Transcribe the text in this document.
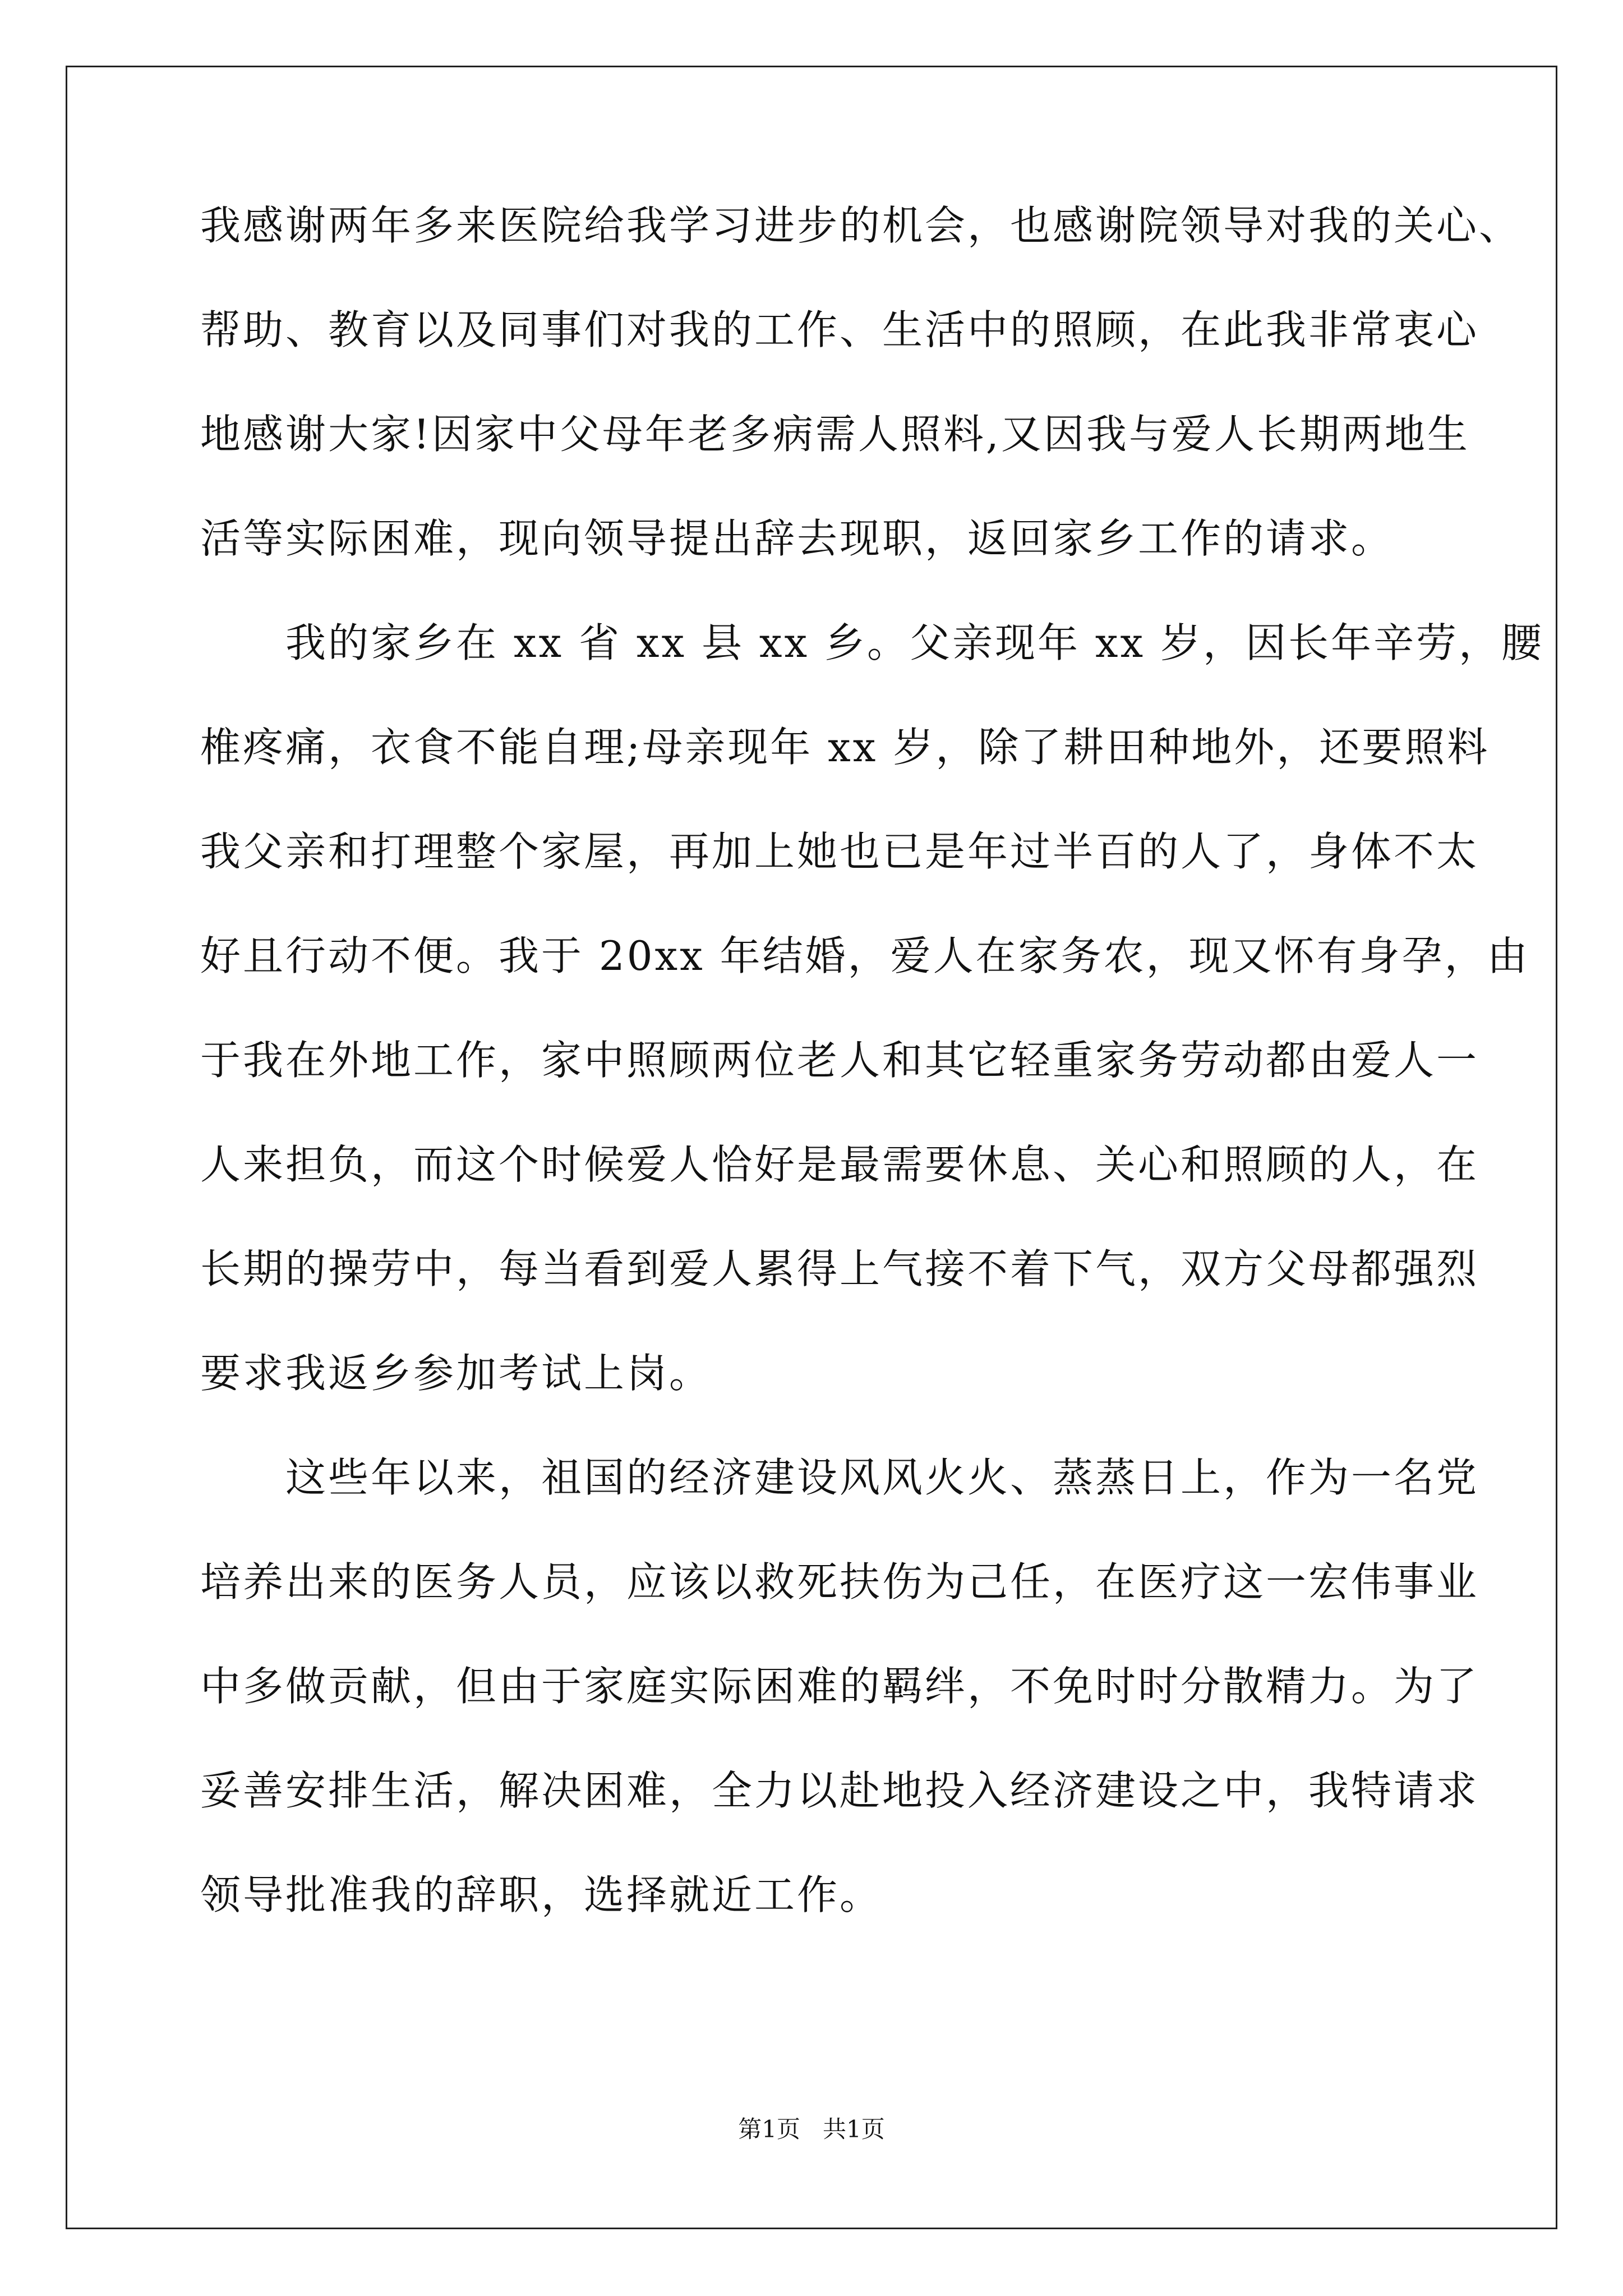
我感谢两年多来医院给我学习进步的机会，也感谢院领导对我的关心、
帮助、教育以及同事们对我的工作、生活中的照顾，在此我非常衷心
地感谢大家!因家中父母年老多病需人照料,又因我与爱人长期两地生
活等实际困难，现向领导提出辞去现职，返回家乡工作的请求。
　　我的家乡在 xx 省 xx 县 xx 乡。父亲现年 xx 岁，因长年辛劳，腰
椎疼痛，衣食不能自理;母亲现年 xx 岁，除了耕田种地外，还要照料
我父亲和打理整个家屋，再加上她也已是年过半百的人了，身体不太
好且行动不便。我于 20xx 年结婚，爱人在家务农，现又怀有身孕，由
于我在外地工作，家中照顾两位老人和其它轻重家务劳动都由爱人一
人来担负，而这个时候爱人恰好是最需要休息、关心和照顾的人，在
长期的操劳中，每当看到爱人累得上气接不着下气，双方父母都强烈
要求我返乡参加考试上岗。
　　这些年以来，祖国的经济建设风风火火、蒸蒸日上，作为一名党
培养出来的医务人员，应该以救死扶伤为己任，在医疗这一宏伟事业
中多做贡献，但由于家庭实际困难的羁绊，不免时时分散精力。为了
妥善安排生活，解决困难，全力以赴地投入经济建设之中，我特请求
领导批准我的辞职，选择就近工作。
第1页   共1页
